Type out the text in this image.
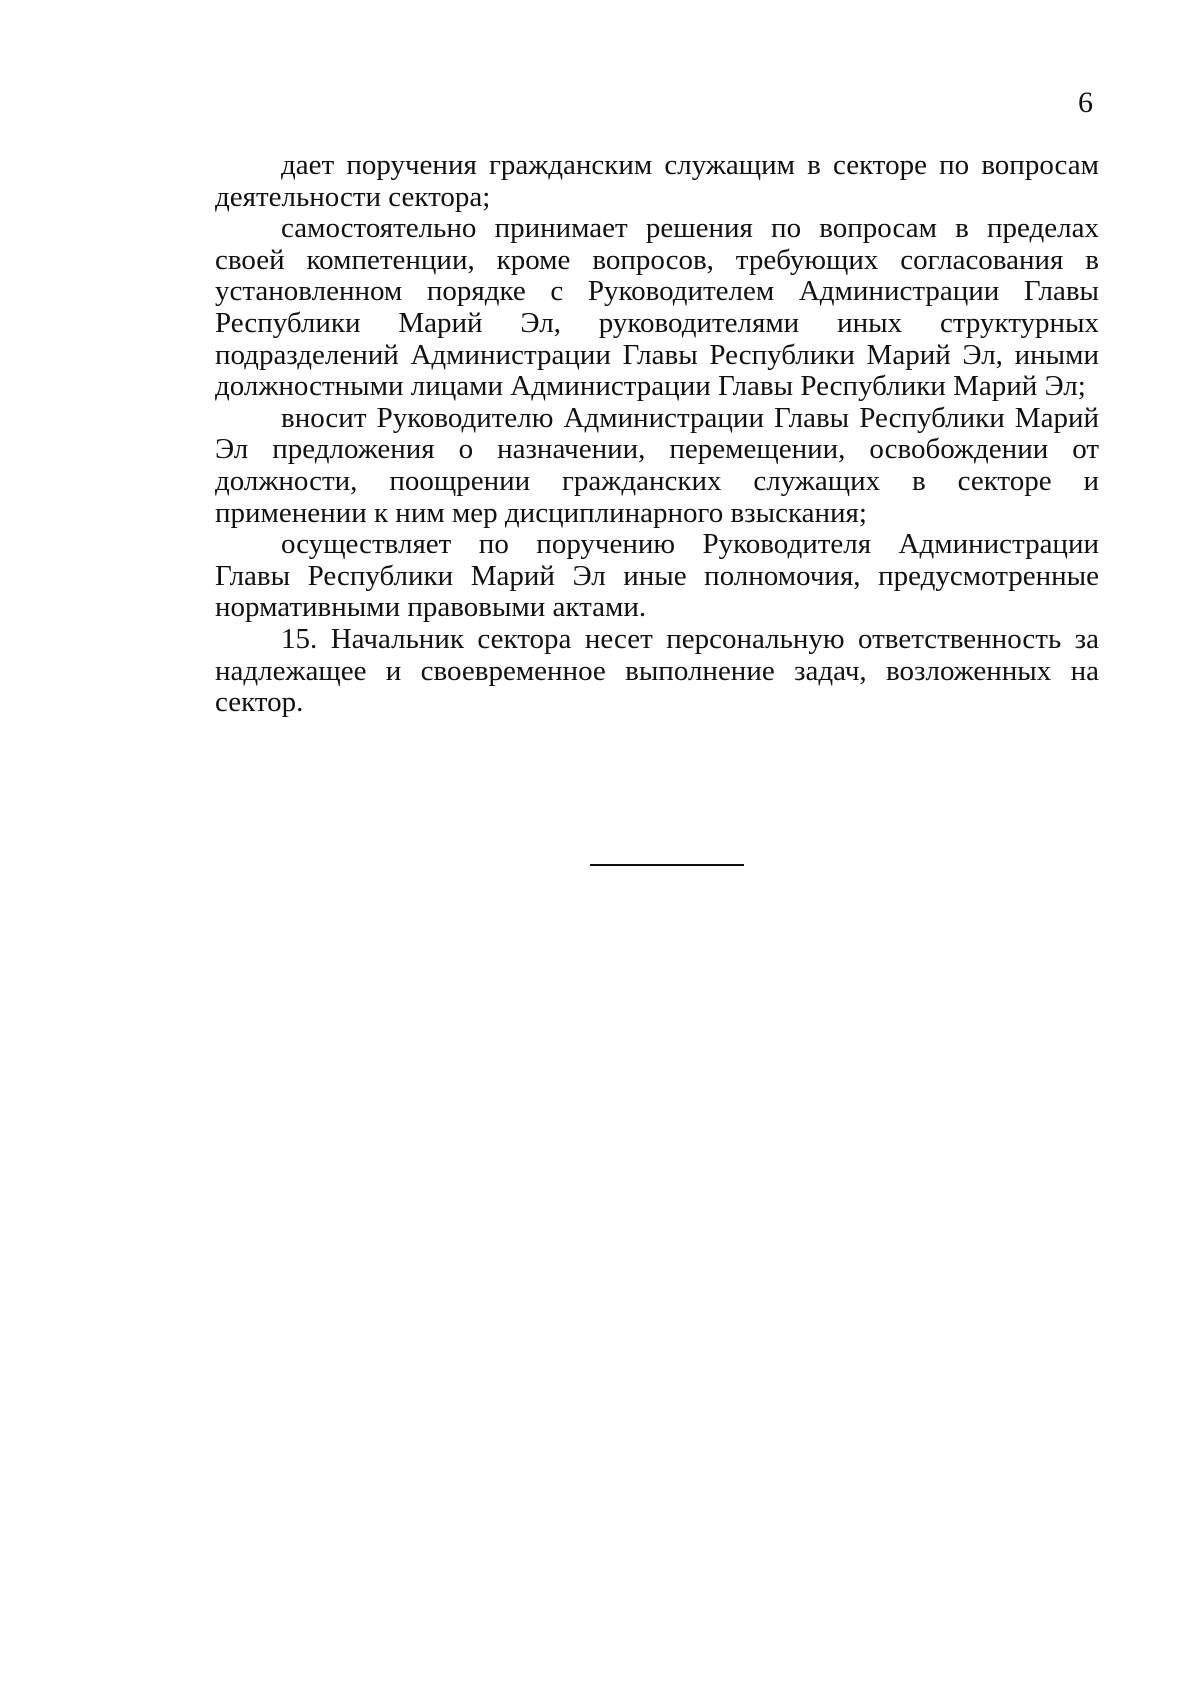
6

дает поручения гражданским служащим в секторе по вопросам деятельности сектора;

самостоятельно принимает решения по вопросам в пределах своей компетенции, кроме вопросов, требующих согласования в установленном порядке с Руководителем Администрации Главы Республики Марий Эл, руководителями иных структурных подразделений Администрации Главы Республики Марий Эл, иными должностными лицами Администрации Главы Республики Марий Эл;

вносит Руководителю Администрации Главы Республики Марий Эл предложения о назначении, перемещении, освобождении от должности, поощрении гражданских служащих в секторе и применении к ним мер дисциплинарного взыскания;

осуществляет по поручению Руководителя Администрации Главы Республики Марий Эл иные полномочия, предусмотренные нормативными правовыми актами.

15. Начальник сектора несет персональную ответственность за надлежащее и своевременное выполнение задач, возложенных на сектор.
